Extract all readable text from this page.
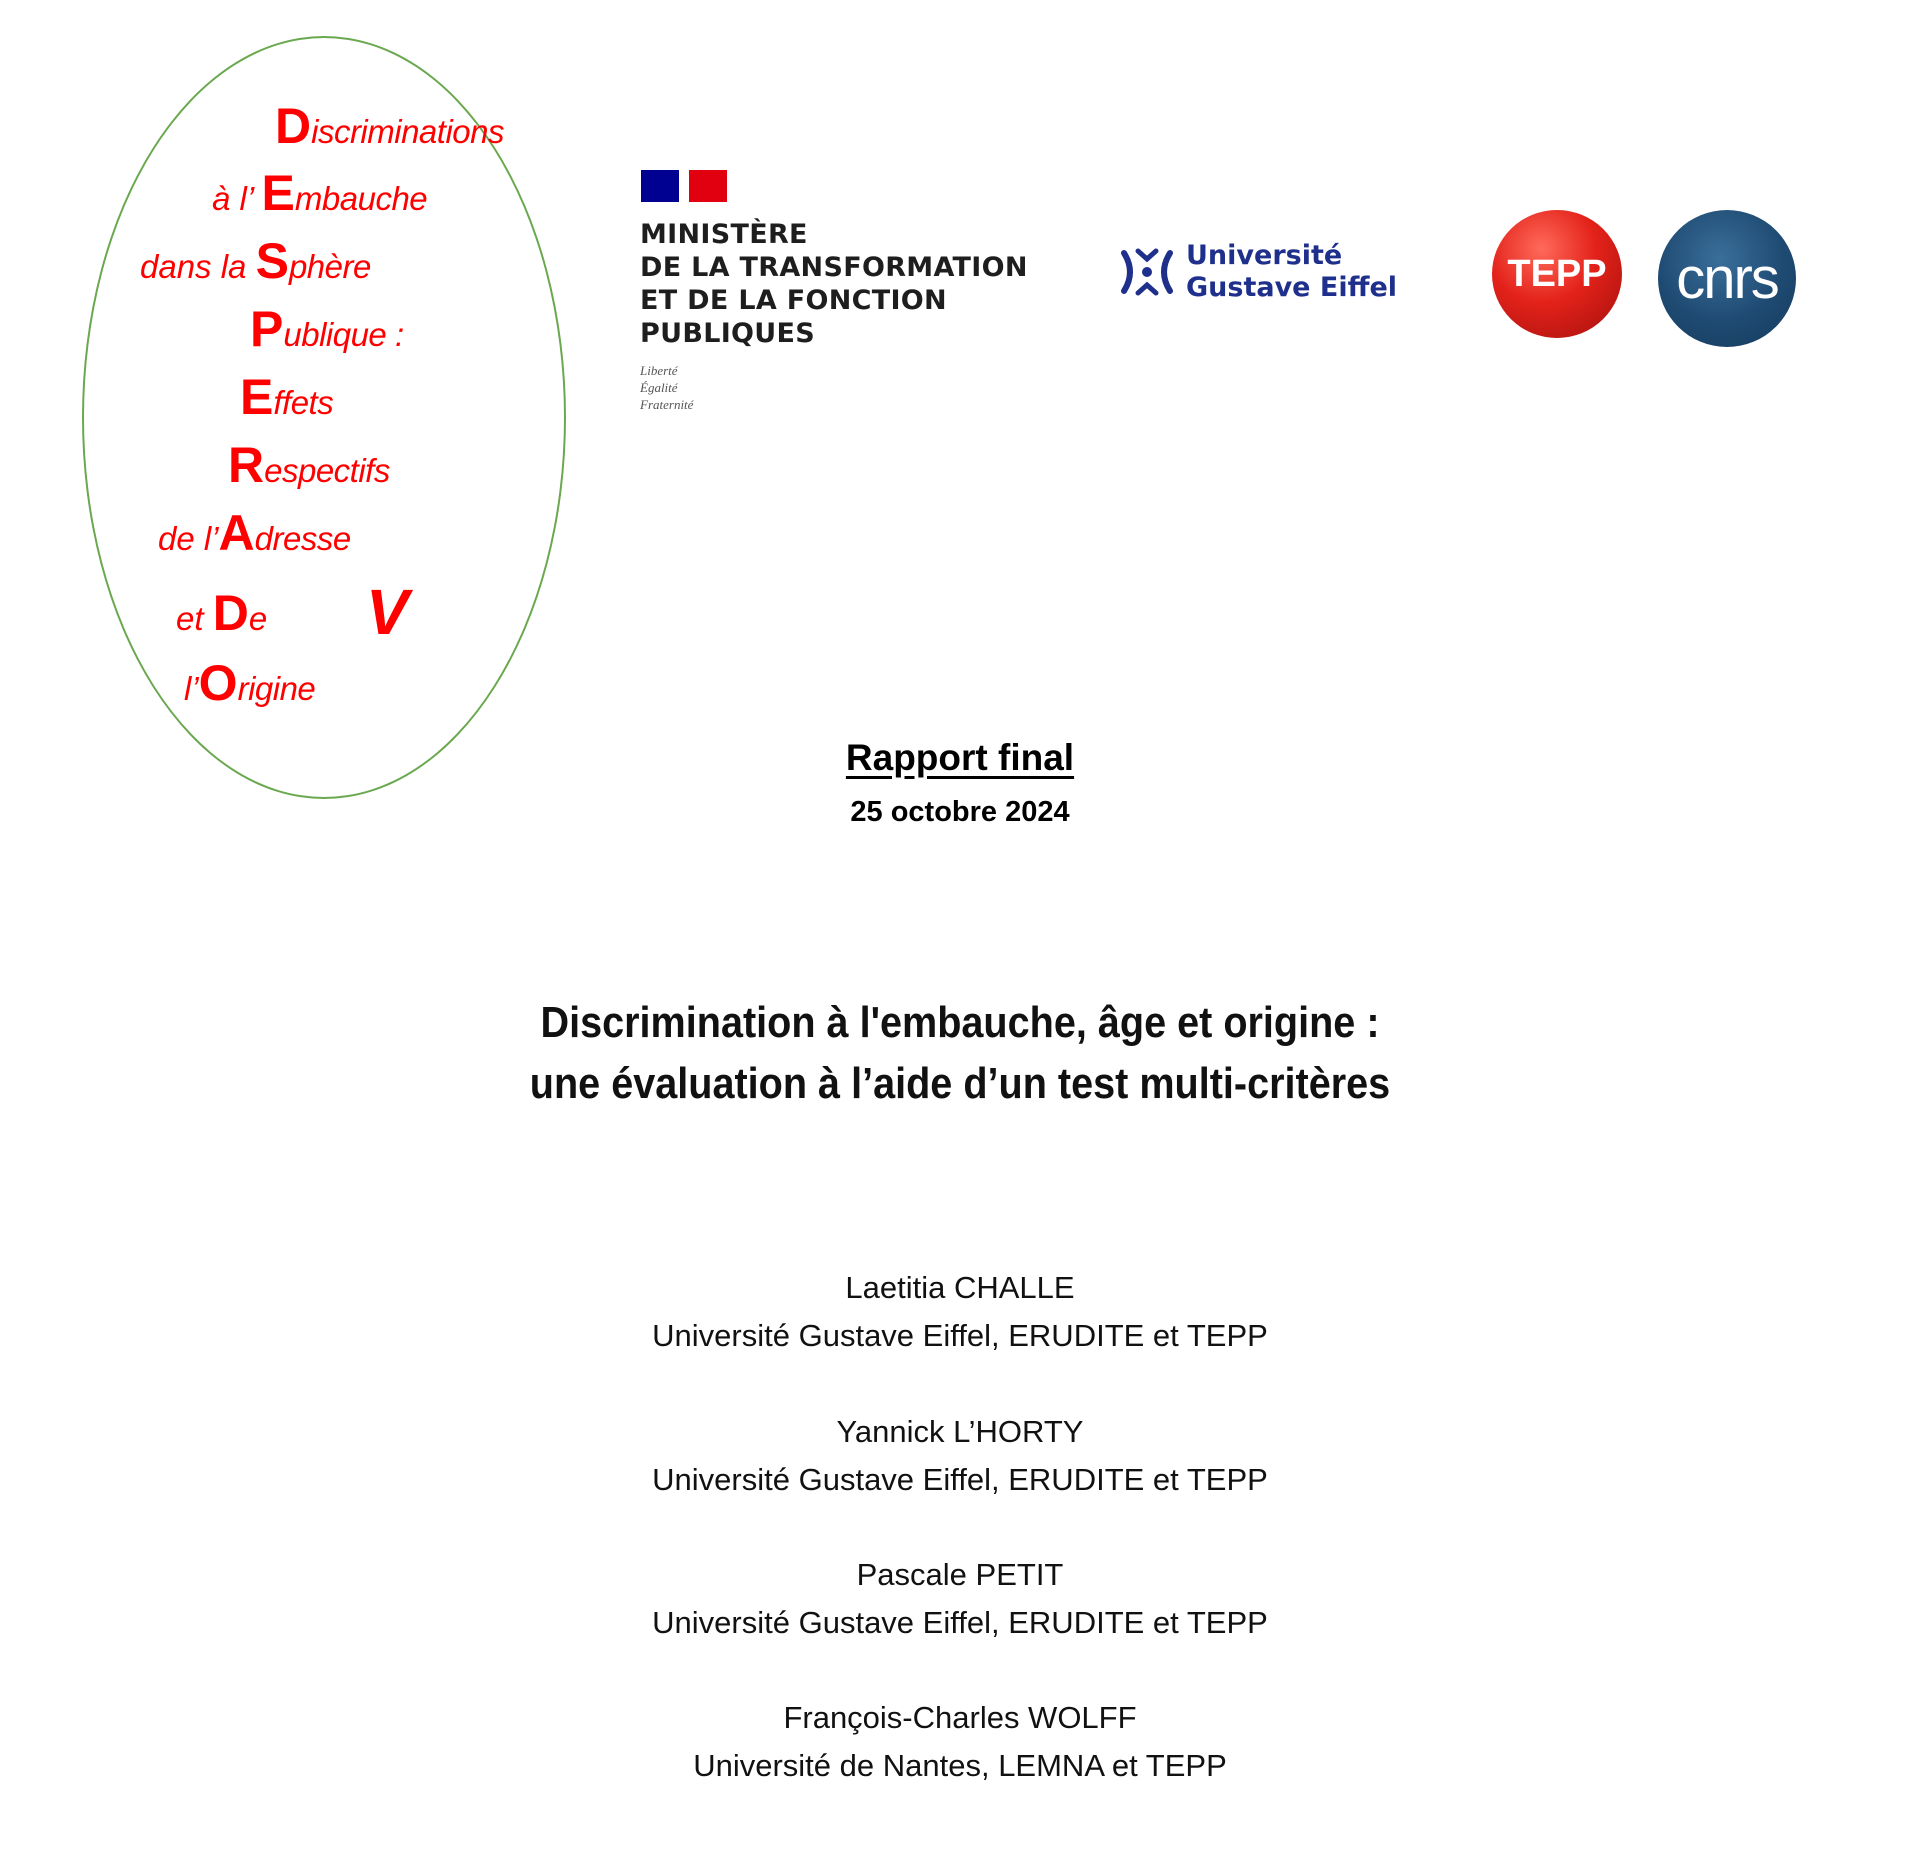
Discriminations
à l’ Embauche
dans la Sphère
Publique :
Effets
Respectifs
de l’Adresse
et De V
l’Origine
MINISTÈRE
DE LA TRANSFORMATION
ET DE LA FONCTION
PUBLIQUES
Liberté
Égalité
Fraternité
Université
Gustave Eiffel	TEPP cnrs
Rapport final
25 octobre 2024
Discrimination à l'embauche, âge et origine :
une évaluation à l’aide d’un test multi-critères
Laetitia CHALLE
Université Gustave Eiffel, ERUDITE et TEPP
Yannick L’HORTY
Université Gustave Eiffel, ERUDITE et TEPP
Pascale PETIT
Université Gustave Eiffel, ERUDITE et TEPP
François-Charles WOLFF
Université de Nantes, LEMNA et TEPP
